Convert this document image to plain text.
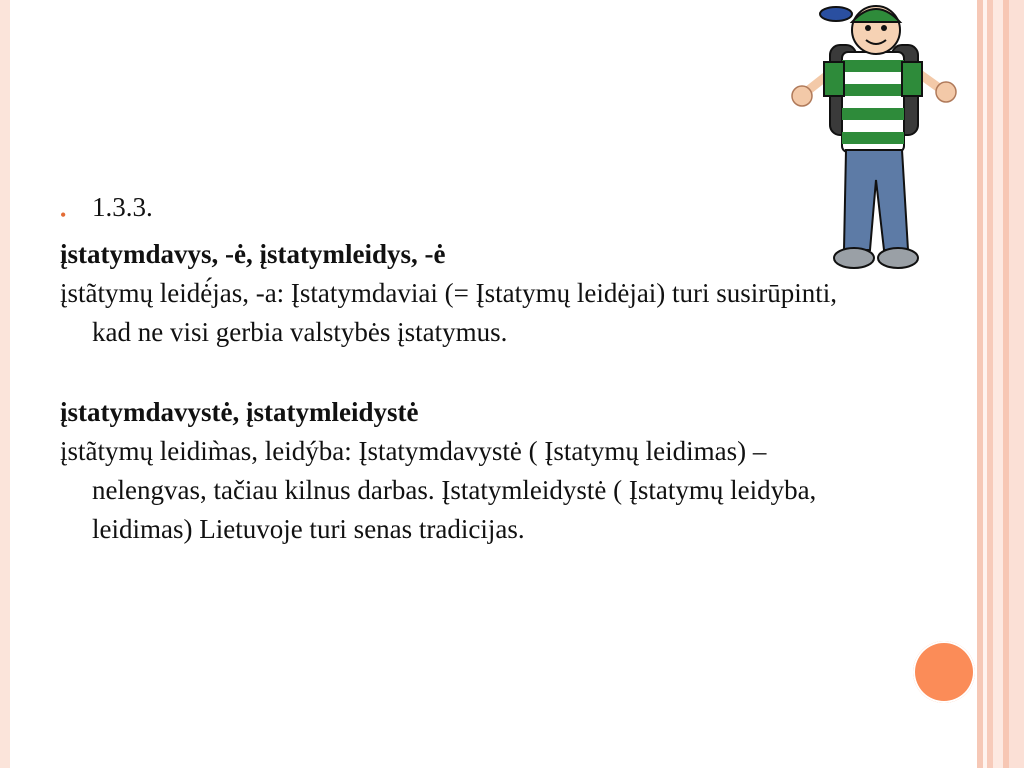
• 1.3.3.
įstatymdavys, -ė, įstatymleidys, -ė
įstãtymų leidė́jas, -a: Įstatymdaviai (= Įstatymų leidėjai) turi susirūpinti, kad ne visi gerbia valstybės įstatymus.
įstatymdavystė, įstatymleidystė
įstãtymų leidim̀as, leidýba: Įstatymdavystė ( Įstatymų leidimas) – nelengvas, tačiau kilnus darbas. Įstatymleidystė ( Įstatymų leidyba, leidimas) Lietuvoje turi senas tradicijas.
